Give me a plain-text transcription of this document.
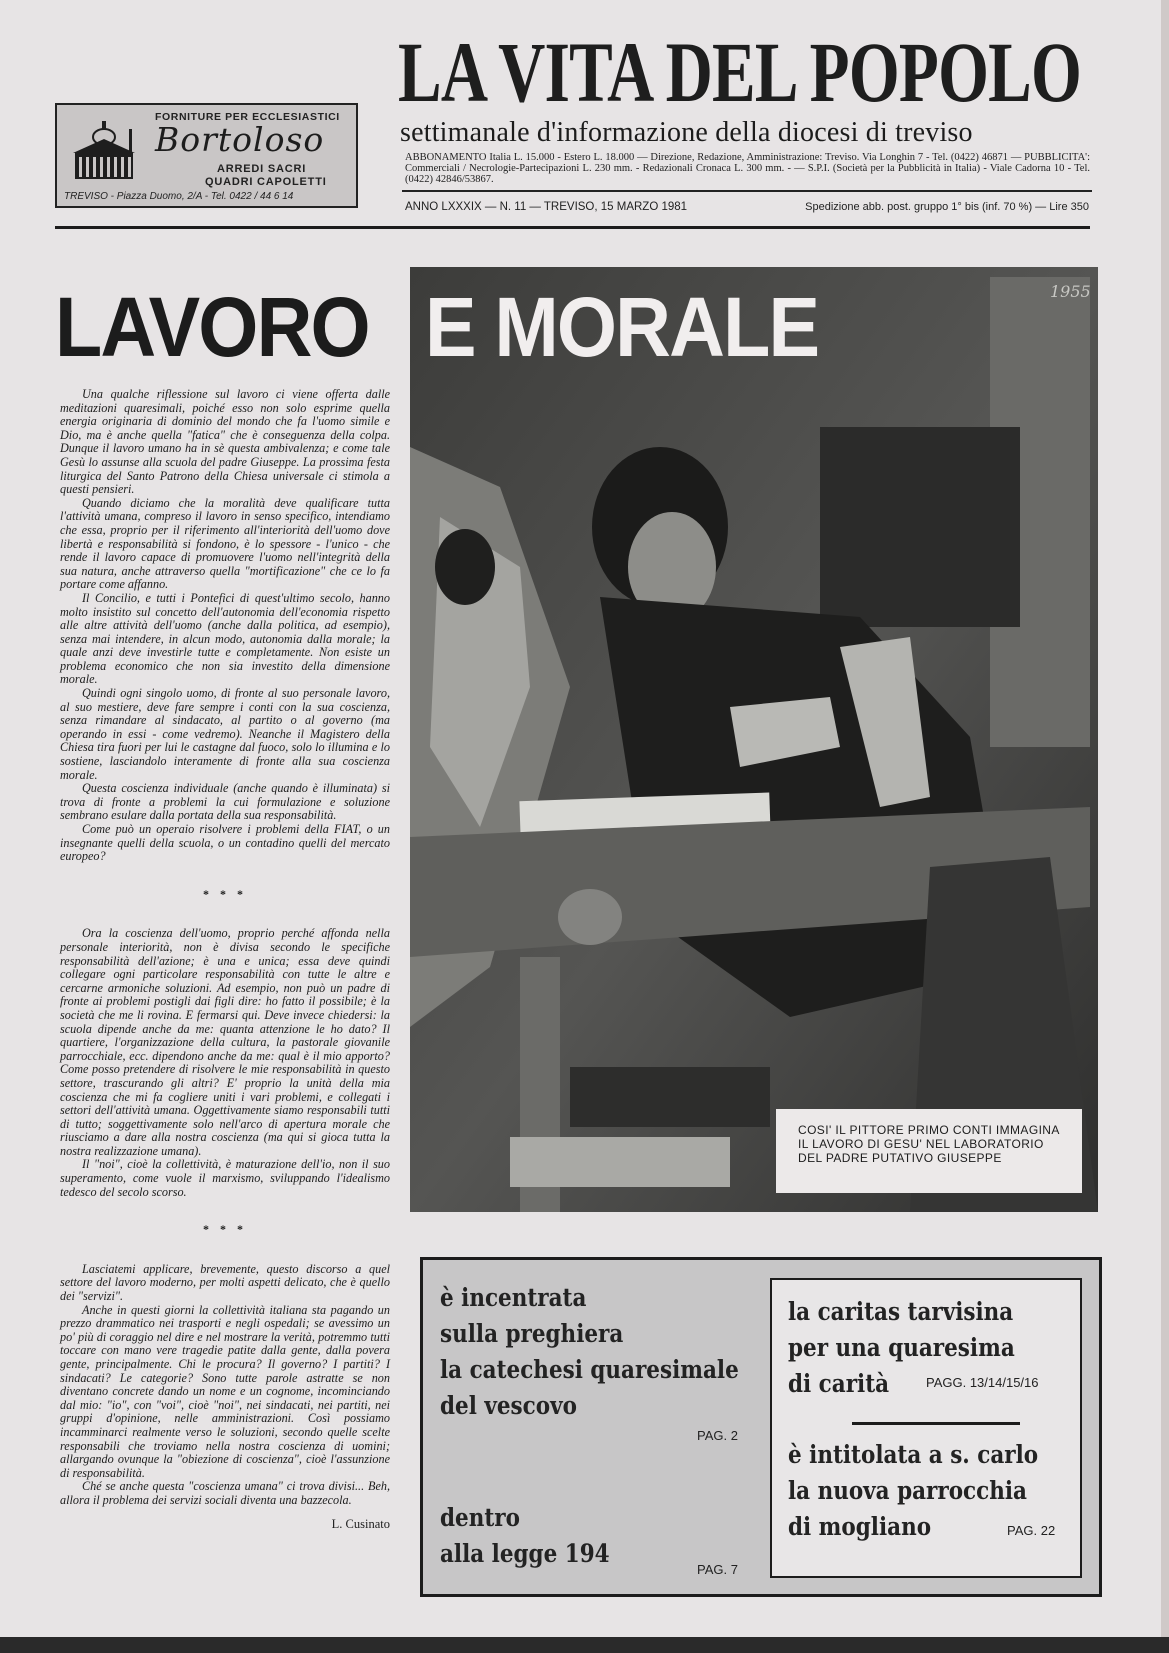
FORNITURE PER ECCLESIASTICI
Bortoloso
ARREDI SACRI
QUADRI CAPOLETTI
TREVISO - Piazza Duomo, 2/A - Tel. 0422 / 44 6 14
LA VITA DEL POPOLO
settimanale d'informazione della diocesi di treviso
ABBONAMENTO Italia L. 15.000 - Estero L. 18.000 — Direzione, Redazione, Amministrazione: Treviso. Via Longhin 7 - Tel. (0422) 46871 — PUBBLICITA': Commerciali / Necrologie-Partecipazioni L. 230 mm. - Redazionali Cronaca L. 300 mm. - — S.P.I. (Società per la Pubblicità in Italia) - Viale Cadorna 10 - Tel. (0422) 42846/53867.
ANNO LXXXIX — N. 11 — TREVISO, 15 MARZO 1981	Spedizione abb. post. gruppo 1° bis (inf. 70 %) — Lire 350
1955
LAVORO E MORALE

Una qualche riflessione sul lavoro ci viene offerta dalle meditazioni quaresimali, poiché esso non solo esprime quella energia originaria di dominio del mondo che fa l'uomo simile e Dio, ma è anche quella "fatica" che è conseguenza della colpa. Dunque il lavoro umano ha in sè questa ambivalenza; e come tale Gesù lo assunse alla scuola del padre Giuseppe. La prossima festa liturgica del Santo Patrono della Chiesa universale ci stimola a questi pensieri.

Quando diciamo che la moralità deve qualificare tutta l'attività umana, compreso il lavoro in senso specifico, intendiamo che essa, proprio per il riferimento all'interiorità dell'uomo dove libertà e responsabilità si fondono, è lo spessore - l'unico - che rende il lavoro capace di promuovere l'uomo nell'integrità della sua natura, anche attraverso quella "mortificazione" che ce lo fa portare come affanno.

Il Concilio, e tutti i Pontefici di quest'ultimo secolo, hanno molto insistito sul concetto dell'autonomia dell'economia rispetto alle altre attività dell'uomo (anche dalla politica, ad esempio), senza mai intendere, in alcun modo, autonomia dalla morale; la quale anzi deve investirle tutte e completamente. Non esiste un problema economico che non sia investito della dimensione morale.

Quindi ogni singolo uomo, di fronte al suo personale lavoro, al suo mestiere, deve fare sempre i conti con la sua coscienza, senza rimandare al sindacato, al partito o al governo (ma operando in essi - come vedremo). Neanche il Magistero della Chiesa tira fuori per lui le castagne dal fuoco, solo lo illumina e lo sostiene, lasciandolo interamente di fronte alla sua coscienza morale.

Questa coscienza individuale (anche quando è illuminata) si trova di fronte a problemi la cui formulazione e soluzione sembrano esulare dalla portata della sua responsabilità.

Come può un operaio risolvere i problemi della FIAT, o un insegnante quelli della scuola, o un contadino quelli del mercato europeo?

* * *

Ora la coscienza dell'uomo, proprio perché affonda nella personale interiorità, non è divisa secondo le specifiche responsabilità dell'azione; è una e unica; essa deve quindi collegare ogni particolare responsabilità con tutte le altre e cercarne armoniche soluzioni. Ad esempio, non può un padre di fronte ai problemi postigli dai figli dire: ho fatto il possibile; è la società che me li rovina. E fermarsi qui. Deve invece chiedersi: la scuola dipende anche da me: quanta attenzione le ho dato? Il quartiere, l'organizzazione della cultura, la pastorale giovanile parrocchiale, ecc. dipendono anche da me: qual è il mio apporto? Come posso pretendere di risolvere le mie responsabilità in questo settore, trascurando gli altri? E' proprio la unità della mia coscienza che mi fa cogliere uniti i vari problemi, e collegati i settori dell'attività umana. Oggettivamente siamo responsabili tutti di tutto; soggettivamente solo nell'arco di apertura morale che riusciamo a dare alla nostra coscienza (ma qui si gioca tutta la nostra realizzazione umana).

Il "noi", cioè la collettività, è maturazione dell'io, non il suo superamento, come vuole il marxismo, sviluppando l'idealismo tedesco del secolo scorso.

* * *

Lasciatemi applicare, brevemente, questo discorso a quel settore del lavoro moderno, per molti aspetti delicato, che è quello dei "servizi".

Anche in questi giorni la collettività italiana sta pagando un prezzo drammatico nei trasporti e negli ospedali; se avessimo un po' più di coraggio nel dire e nel mostrare la verità, potremmo tutti toccare con mano vere tragedie patite dalla gente, dalla povera gente, principalmente. Chi le procura? Il governo? I partiti? I sindacati? Le categorie? Sono tutte parole astratte se non diventano concrete dando un nome e un cognome, incominciando dal mio: "io", con "voi", cioè "noi", nei sindacati, nei partiti, nei gruppi d'opinione, nelle amministrazioni. Così possiamo incamminarci realmente verso le soluzioni, secondo quelle scelte responsabili che troviamo nella nostra coscienza di uomini; allargando ovunque la "obiezione di coscienza", cioè l'assunzione di responsabilità.

Ché se anche questa "coscienza umana" ci trova divisi... Beh, allora il problema dei servizi sociali diventa una bazzecola.

L. Cusinato

COSI' IL PITTORE PRIMO CONTI IMMAGINA IL LAVORO DI GESU' NEL LABORATORIO DEL PADRE PUTATIVO GIUSEPPE
è incentrata
sulla preghiera
la catechesi quaresimale
del vescovo
PAG. 2
dentro
alla legge 194
PAG. 7
la caritas tarvisina
per una quaresima
di carità	PAGG. 13/14/15/16
è intitolata a s. carlo
la nuova parrocchia
di mogliano	PAG. 22
